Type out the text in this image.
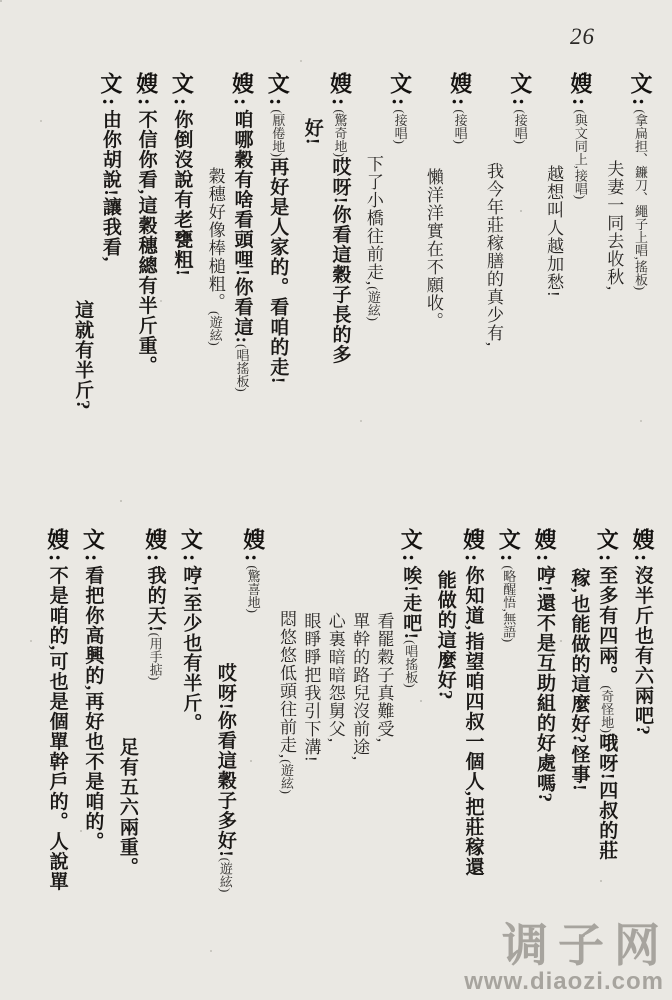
26
文:(拿扁担、鐮刀、繩子上唱,搖板)
夫妻一同去收秋,
嫂:(與文同上,接唱)
越想叫人越加愁!
文:(接唱)
我今年莊稼膳的真少有,
嫂:(接唱)
懶洋洋實在不願收。
文:(接唱)
下了小橋往前走,(遊絃)
嫂:(驚奇地)哎呀!你看這穀子長的多
好!
文:(厭倦地)再好是人家的。看咱的走!
嫂:咱哪穀有啥看頭哩!你看這:(唱搖板)
穀穗好像棒槌粗。(遊絃)
文:你倒沒說有老甕粗!
嫂:不信你看,這穀穗總有半斤重。
文:由你胡說!讓我看,
這就有半斤?
嫂:沒半斤也有六兩吧?
文:至多有四兩。(奇怪地)哦呀!四叔的莊
稼,也能做的這麼好?怪事!
嫂:哼!還不是互助組的好處嗎?
文:(略醒悟,無語)
嫂:你知道,指望咱四叔一個人,把莊稼還
能做的這麼好?
文:唉!走吧!(唱搖板)
看罷穀子真難受,
單幹的路兒沒前途,
心裏暗暗怨舅父,
眼睜睜把我引下溝!
悶悠悠低頭往前走,(遊絃)
嫂:(驚喜地)
哎呀!你看這穀子多好!(遊絃)
文:哼!至少也有半斤。
嫂:我的天!(用手掂)
足有五六兩重。
文:看把你高興的,再好也不是咱的。
嫂:不是咱的,可也是個單幹戶的。人說單
调子网
www.diaozi.com
